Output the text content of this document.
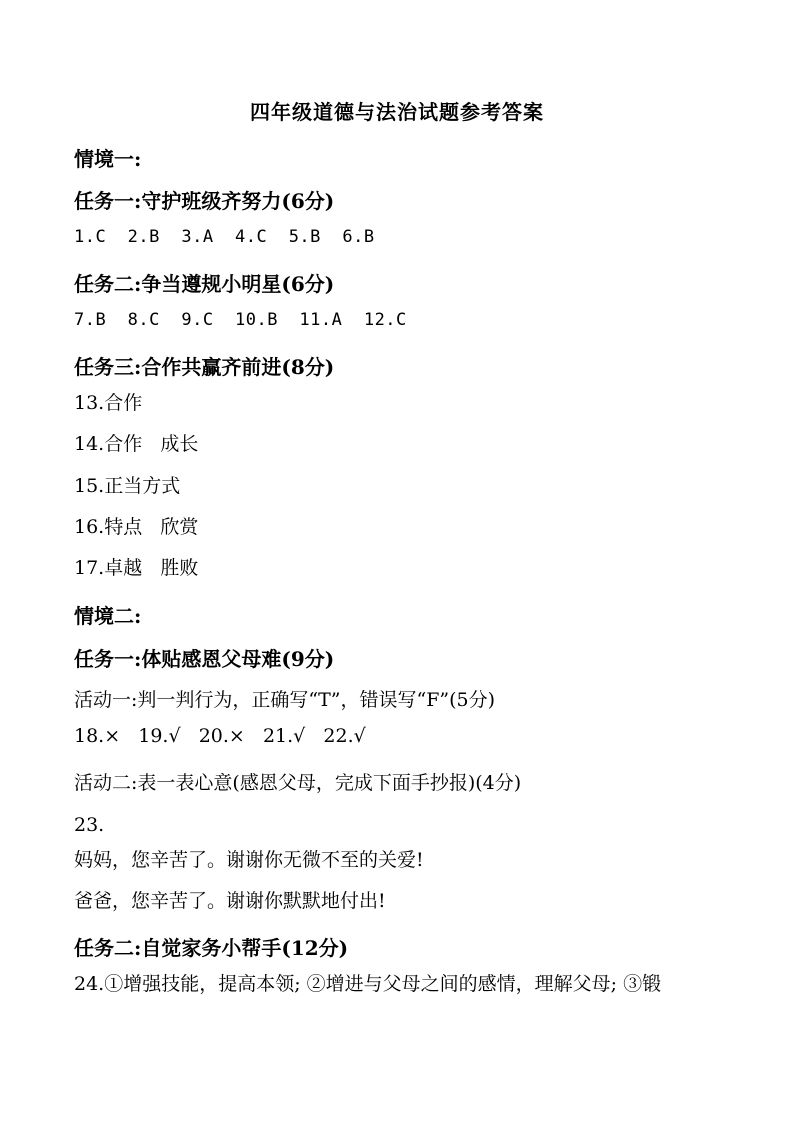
四年级道德与法治试题参考答案
情境一:
任务一:守护班级齐努力(6分)
1.C  2.B  3.A  4.C  5.B  6.B
任务二:争当遵规小明星(6分)
7.B  8.C  9.C  10.B  11.A  12.C
任务三:合作共赢齐前进(8分)
13.合作
14.合作   成长
15.正当方式
16.特点   欣赏
17.卓越   胜败
情境二:
任务一:体贴感恩父母难(9分)
活动一:判一判行为，正确写“T”，错误写“F”(5分)
18.×   19.√   20.×   21.√   22.√
活动二:表一表心意(感恩父母，完成下面手抄报)(4分)
23.
妈妈，您辛苦了。谢谢你无微不至的关爱!
爸爸，您辛苦了。谢谢你默默地付出!
任务二:自觉家务小帮手(12分)
24.①增强技能，提高本领; ②增进与父母之间的感情，理解父母; ③锻
